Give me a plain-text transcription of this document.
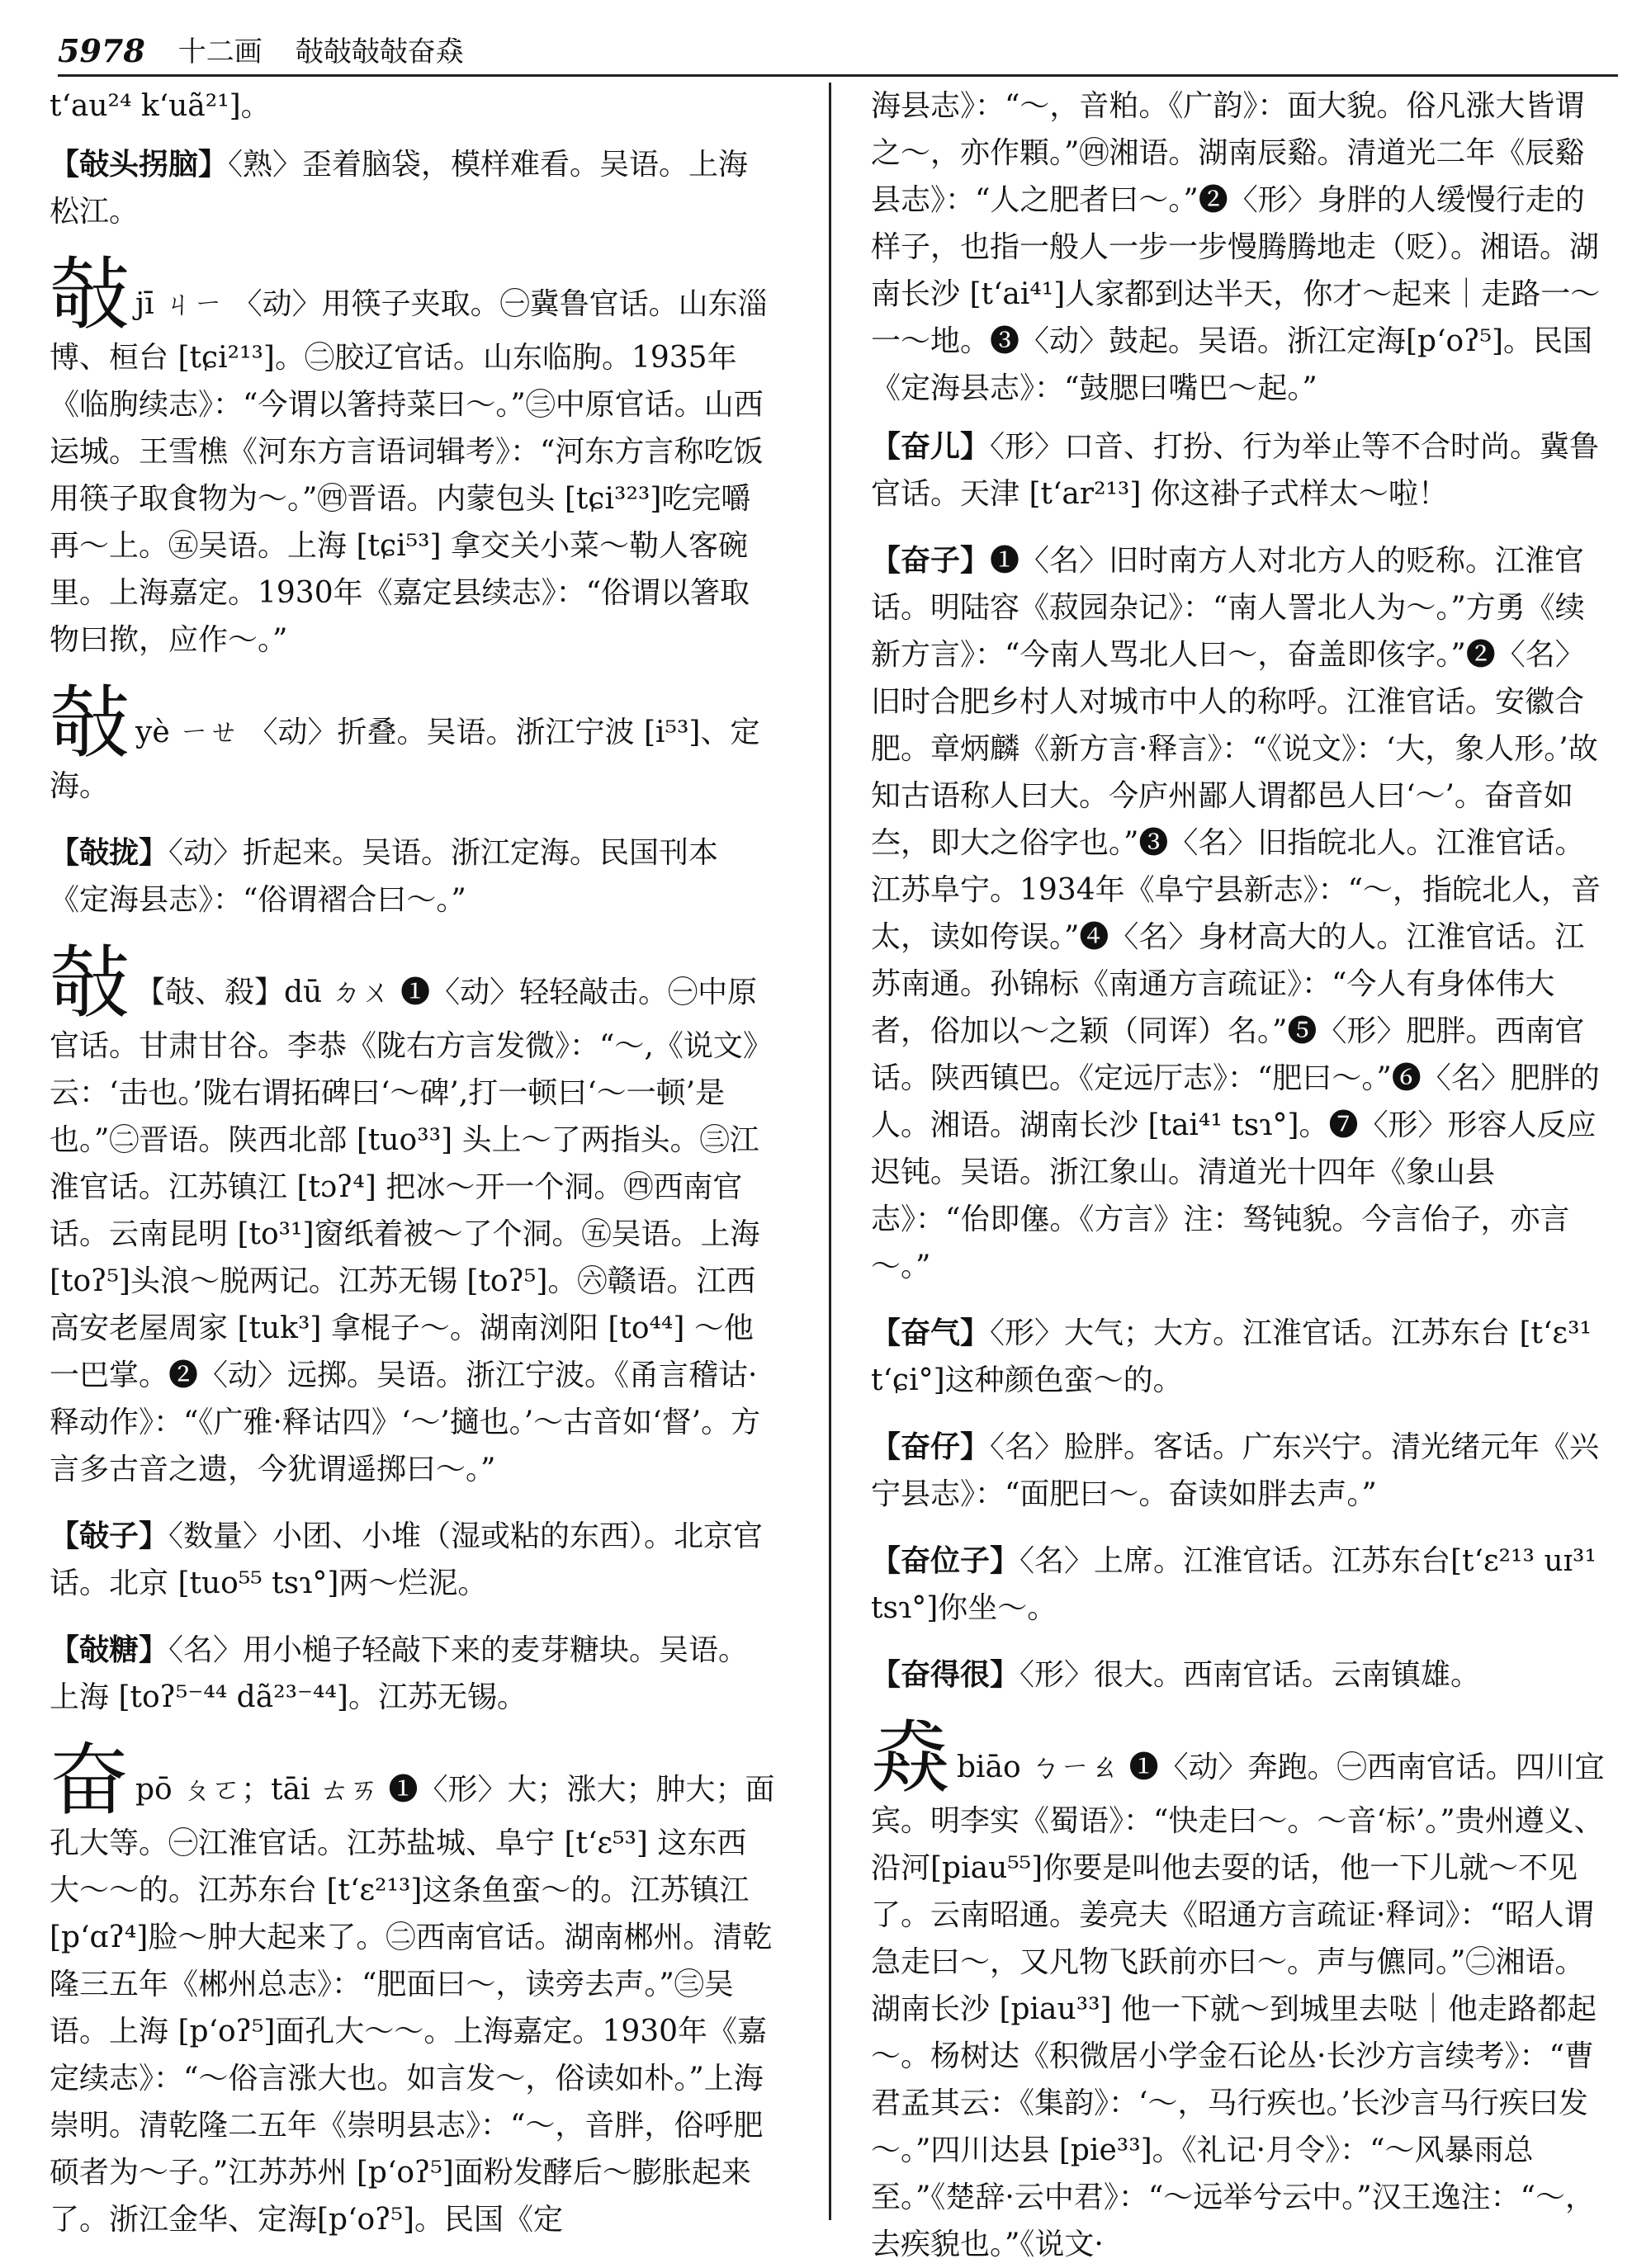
5978 十二画 敧敧敧敧奋猋
t‘au²⁴ k‘uã²¹]。
【敧头拐脑】〈熟〉歪着脑袋，模样难看。吴语。上海松江。
敧jī ㄐㄧ 〈动〉用筷子夹取。㊀冀鲁官话。山东淄博、桓台 [tɕi²¹³]。㊁胶辽官话。山东临朐。1935年《临朐续志》：“今谓以箸持菜曰～。”㊂中原官话。山西运城。王雪樵《河东方言语词辑考》：“河东方言称吃饭用筷子取食物为～。”㊃晋语。内蒙包头 [tɕi³²³]吃完嚼再～上。㊄吴语。上海 [tɕi⁵³] 拿交关小菜～勒人客碗里。上海嘉定。1930年《嘉定县续志》：“俗谓以箸取物曰揿，应作～。”
敧yè ㄧㄝ 〈动〉折叠。吴语。浙江宁波 [i⁵³]、定海。
【敧拢】〈动〉折起来。吴语。浙江定海。民国刊本《定海县志》：“俗谓褶合曰～。”
敧 【敧、殺】dū ㄉㄨ ❶〈动〉轻轻敲击。㊀中原官话。甘肃甘谷。李恭《陇右方言发微》：“～,《说文》云：‘击也。’陇右谓拓碑曰‘～碑’,打一顿曰‘～一顿’是也。”㊁晋语。陕西北部 [tuo³³] 头上～了两指头。㊂江淮官话。江苏镇江 [tɔʔ⁴] 把冰～开一个洞。㊃西南官话。云南昆明 [to³¹]窗纸着被～了个洞。㊄吴语。上海 [toʔ⁵]头浪～脱两记。江苏无锡 [toʔ⁵]。㊅赣语。江西高安老屋周家 [tuk³] 拿棍子～。湖南浏阳 [to⁴⁴] ～他一巴掌。❷〈动〉远掷。吴语。浙江宁波。《甬言稽诂·释动作》：“《广雅·释诂四》‘～’擿也。’～古音如‘督’。方言多古音之遗，今犹谓遥掷曰～。”
【敧子】〈数量〉小团、小堆（湿或粘的东西）。北京官话。北京 [tuo⁵⁵ tsɿ°]两～烂泥。
【敧糖】〈名〉用小槌子轻敲下来的麦芽糖块。吴语。上海 [toʔ⁵⁻⁴⁴ dã²³⁻⁴⁴]。江苏无锡。
奋pō ㄆㄛ；tāi ㄊㄞ ❶〈形〉大；涨大；肿大；面孔大等。㊀江淮官话。江苏盐城、阜宁 [t‘ɛ⁵³] 这东西大～～的。江苏东台 [t‘ɛ²¹³]这条鱼蛮～的。江苏镇江 [p‘ɑʔ⁴]脸～肿大起来了。㊁西南官话。湖南郴州。清乾隆三五年《郴州总志》：“肥面曰～，读旁去声。”㊂吴语。上海 [p‘oʔ⁵]面孔大～～。上海嘉定。1930年《嘉定续志》：“～俗言涨大也。如言发～，俗读如朴。”上海崇明。清乾隆二五年《崇明县志》：“～，音胖，俗呼肥硕者为～子。”江苏苏州 [p‘oʔ⁵]面粉发酵后～膨胀起来了。浙江金华、定海[p‘oʔ⁵]。民国《定
海县志》：“～，音粕。《广韵》：面大貌。俗凡涨大皆谓之～，亦作顆。”㊃湘语。湖南辰谿。清道光二年《辰谿县志》：“人之肥者曰～。”❷〈形〉身胖的人缓慢行走的样子，也指一般人一步一步慢腾腾地走（贬）。湘语。湖南长沙 [t‘ai⁴¹]人家都到达半天，你才～起来｜走路一～一～地。❸〈动〉鼓起。吴语。浙江定海[p‘oʔ⁵]。民国《定海县志》：“鼓腮曰嘴巴～起。”
【奋儿】〈形〉口音、打扮、行为举止等不合时尚。冀鲁官话。天津 [t‘ar²¹³] 你这褂子式样太～啦！
【奋子】❶〈名〉旧时南方人对北方人的贬称。江淮官话。明陆容《菽园杂记》：“南人詈北人为～。”方勇《续新方言》：“今南人骂北人曰～，奋盖即侅字。”❷〈名〉旧时合肥乡村人对城市中人的称呼。江淮官话。安徽合肥。章炳麟《新方言·释言》：“《说文》：‘大，象人形。’故知古语称人曰大。今庐州鄙人谓都邑人曰‘～’。奋音如夳，即大之俗字也。”❸〈名〉旧指皖北人。江淮官话。江苏阜宁。1934年《阜宁县新志》：“～，指皖北人，音太，读如侉误。”❹〈名〉身材高大的人。江淮官话。江苏南通。孙锦标《南通方言疏证》：“今人有身体伟大者，俗加以～之颖（同诨）名。”❺〈形〉肥胖。西南官话。陕西镇巴。《定远厅志》：“肥曰～。”❻〈名〉肥胖的人。湘语。湖南长沙 [tai⁴¹ tsɿ°]。❼〈形〉形容人反应迟钝。吴语。浙江象山。清道光十四年《象山县志》：“佁即僿。《方言》注：驽钝貌。今言佁子，亦言～。”
【奋气】〈形〉大气；大方。江淮官话。江苏东台 [t‘ɛ³¹ t‘ɕi°]这种颜色蛮～的。
【奋仔】〈名〉脸胖。客话。广东兴宁。清光绪元年《兴宁县志》：“面肥曰～。奋读如胖去声。”
【奋位子】〈名〉上席。江淮官话。江苏东台[t‘ɛ²¹³ uɪ³¹ tsɿ°]你坐～。
【奋得很】〈形〉很大。西南官话。云南镇雄。
猋biāo ㄅㄧㄠ ❶〈动〉奔跑。㊀西南官话。四川宜宾。明李实《蜀语》：“快走曰～。～音‘标’。”贵州遵义、沿河[piau⁵⁵]你要是叫他去耍的话，他一下儿就～不见了。云南昭通。姜亮夫《昭通方言疏证·释词》：“昭人谓急走曰～，又凡物飞跃前亦曰～。声与儦同。”㊁湘语。湖南长沙 [piau³³] 他一下就～到城里去哒｜他走路都起～。杨树达《积微居小学金石论丛·长沙方言续考》：“曹君孟其云：《集韵》：‘～，马行疾也。’长沙言马行疾曰发～。”四川达县 [pie³³]。《礼记·月令》：“～风暴雨总至。”《楚辞·云中君》：“～远举兮云中。”汉王逸注：“～，去疾貌也。”《说文·
